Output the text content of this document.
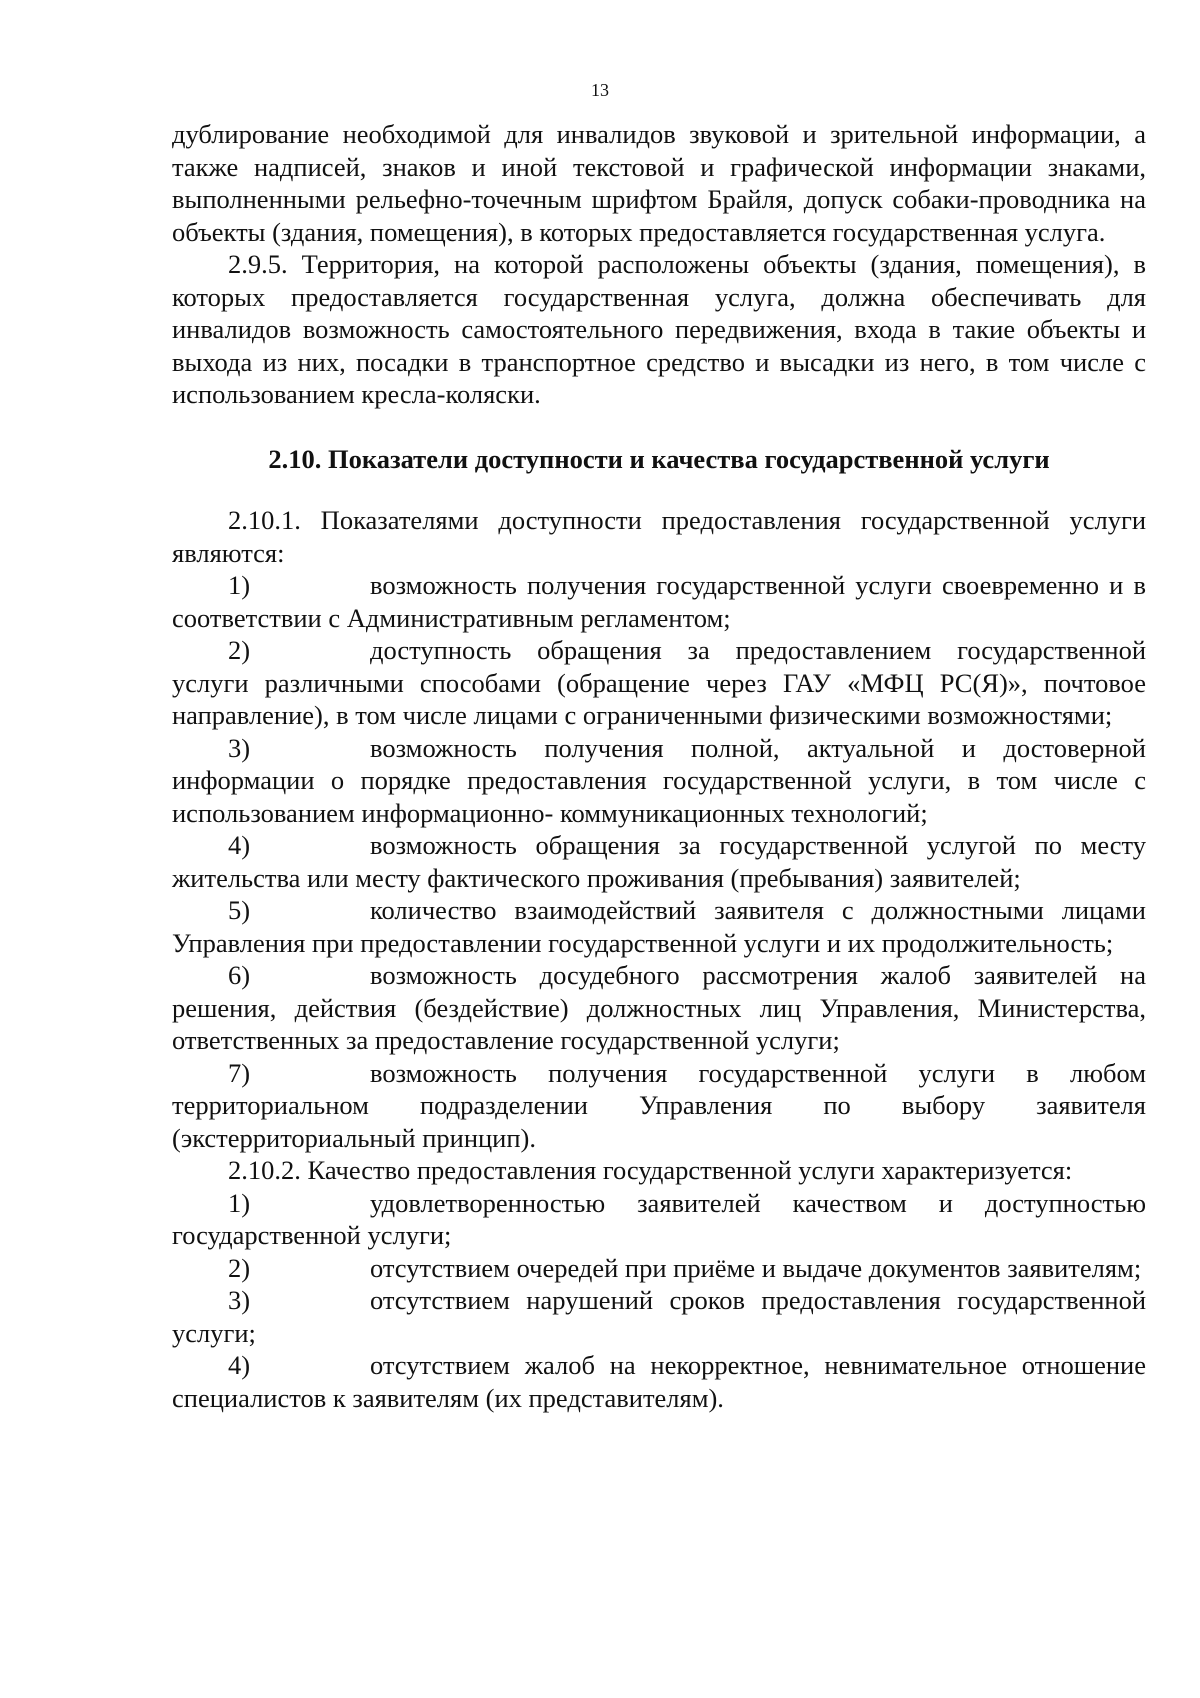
13

дублирование необходимой для инвалидов звуковой и зрительной информации, а также надписей, знаков и иной текстовой и графической информации знаками, выполненными рельефно-точечным шрифтом Брайля, допуск собаки-проводника на объекты (здания, помещения), в которых предоставляется государственная услуга.

2.9.5. Территория, на которой расположены объекты (здания, помещения), в которых предоставляется государственная услуга, должна обеспечивать для инвалидов возможность самостоятельного передвижения, входа в такие объекты и выхода из них, посадки в транспортное средство и высадки из него, в том числе с использованием кресла-коляски.

2.10. Показатели доступности и качества государственной услуги

2.10.1. Показателями доступности предоставления государственной услуги являются:

1)	возможность получения государственной услуги своевременно и в соответствии с Административным регламентом;

2)	доступность обращения за предоставлением государственной услуги различными способами (обращение через ГАУ «МФЦ РС(Я)», почтовое направление), в том числе лицами с ограниченными физическими возможностями;

3)	возможность получения полной, актуальной и достоверной информации о порядке предоставления государственной услуги, в том числе с использованием информационно- коммуникационных технологий;

4)	возможность обращения за государственной услугой по месту жительства или месту фактического проживания (пребывания) заявителей;

5)	количество взаимодействий заявителя с должностными лицами Управления при предоставлении государственной услуги и их продолжительность;

6)	возможность досудебного рассмотрения жалоб заявителей на решения, действия (бездействие) должностных лиц Управления, Министерства, ответственных за предоставление государственной услуги;

7)	возможность получения государственной услуги в любом территориальном подразделении Управления по выбору заявителя (экстерриториальный принцип).

2.10.2. Качество предоставления государственной услуги характеризуется:

1)	удовлетворенностью заявителей качеством и доступностью государственной услуги;

2)	отсутствием очередей при приёме и выдаче документов заявителям;

3)	отсутствием нарушений сроков предоставления государственной услуги;

4)	отсутствием жалоб на некорректное, невнимательное отношение специалистов к заявителям (их представителям).
